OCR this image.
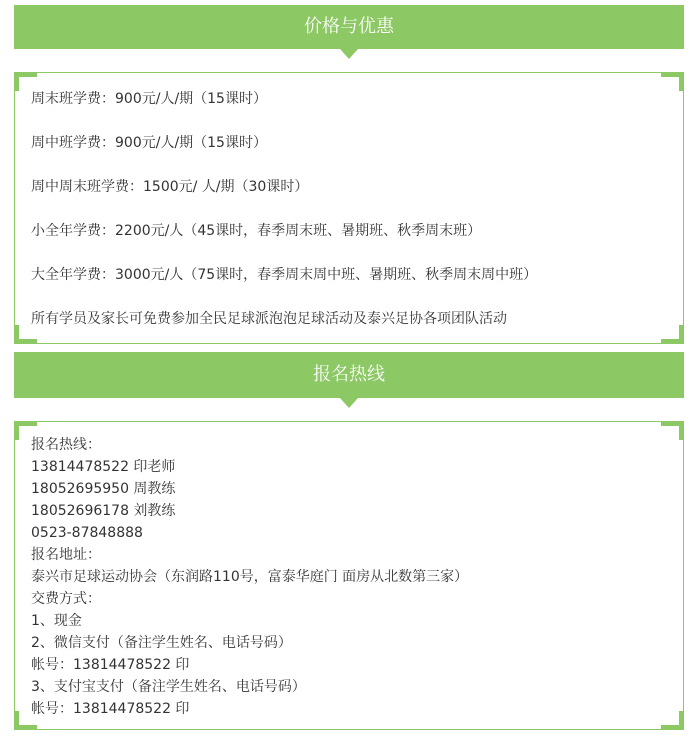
价格与优惠
周末班学费：900元/人/期（15课时）
周中班学费：900元/人/期（15课时）
周中周末班学费：1500元/ 人/期（30课时）
小全年学费：2200元/人（45课时，春季周末班、暑期班、秋季周末班）
大全年学费：3000元/人（75课时，春季周末周中班、暑期班、秋季周末周中班）
所有学员及家长可免费参加全民足球派泡泡足球活动及泰兴足协各项团队活动
报名热线
报名热线：
13814478522 印老师
18052695950 周教练
18052696178 刘教练
0523-87848888
报名地址：
泰兴市足球运动协会（东润路110号，富泰华庭门 面房从北数第三家）
交费方式：
1、现金
2、微信支付（备注学生姓名、电话号码）
帐号：13814478522 印
3、支付宝支付（备注学生姓名、电话号码）
帐号：13814478522 印
